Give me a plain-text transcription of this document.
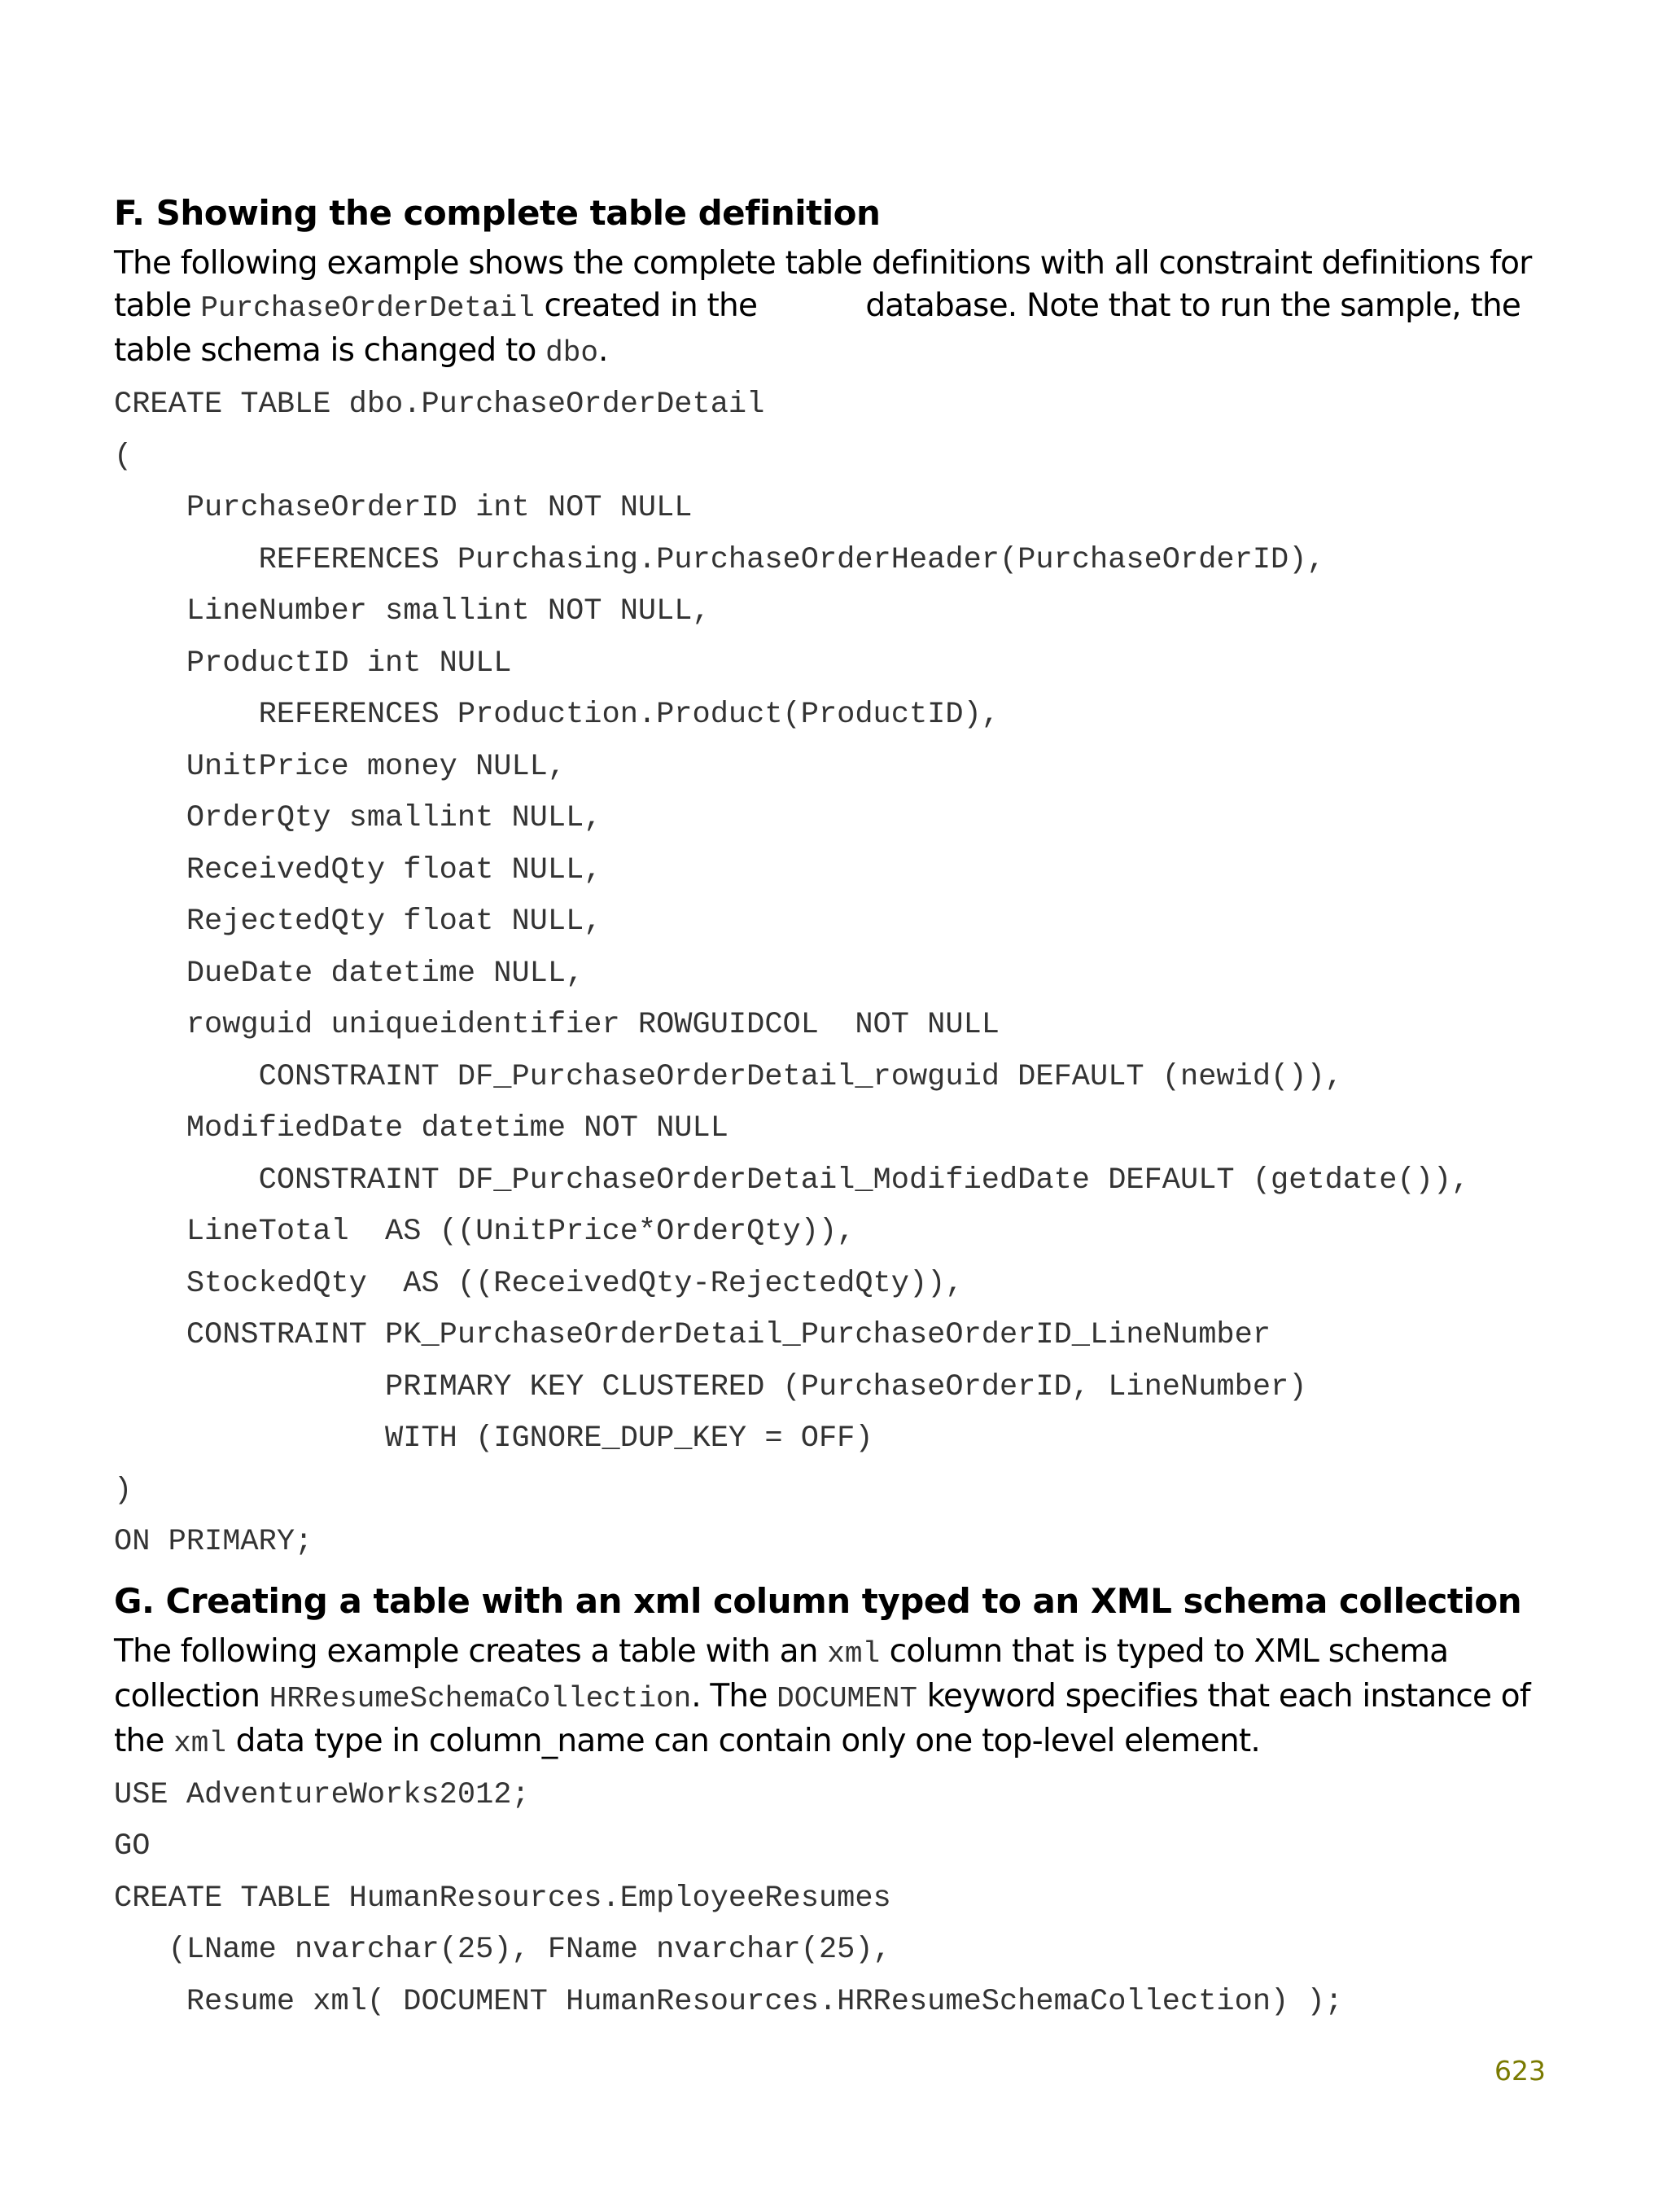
F. Showing the complete table definition

The following example shows the complete table definitions with all constraint definitions for table PurchaseOrderDetail created in the	database. Note that to run the sample, the table schema is changed to dbo.

CREATE TABLE dbo.PurchaseOrderDetail
(
PurchaseOrderID int NOT NULL
REFERENCES Purchasing.PurchaseOrderHeader(PurchaseOrderID),
LineNumber smallint NOT NULL,
ProductID int NULL
REFERENCES Production.Product(ProductID),
UnitPrice money NULL,
OrderQty smallint NULL,
ReceivedQty float NULL,
RejectedQty float NULL,
DueDate datetime NULL,
rowguid uniqueidentifier ROWGUIDCOL  NOT NULL
CONSTRAINT DF_PurchaseOrderDetail_rowguid DEFAULT (newid()),
ModifiedDate datetime NOT NULL
CONSTRAINT DF_PurchaseOrderDetail_ModifiedDate DEFAULT (getdate()),
LineTotal  AS ((UnitPrice*OrderQty)),
StockedQty  AS ((ReceivedQty-RejectedQty)),
CONSTRAINT PK_PurchaseOrderDetail_PurchaseOrderID_LineNumber
PRIMARY KEY CLUSTERED (PurchaseOrderID, LineNumber)
WITH (IGNORE_DUP_KEY = OFF)
)
ON PRIMARY;
G. Creating a table with an xml column typed to an XML schema collection

The following example creates a table with an xml column that is typed to XML schema collection HRResumeSchemaCollection. The DOCUMENT keyword specifies that each instance of the xml data type in column_name can contain only one top-level element.

USE AdventureWorks2012;
GO
CREATE TABLE HumanResources.EmployeeResumes
(LName nvarchar(25), FName nvarchar(25),
Resume xml( DOCUMENT HumanResources.HRResumeSchemaCollection) );
623
